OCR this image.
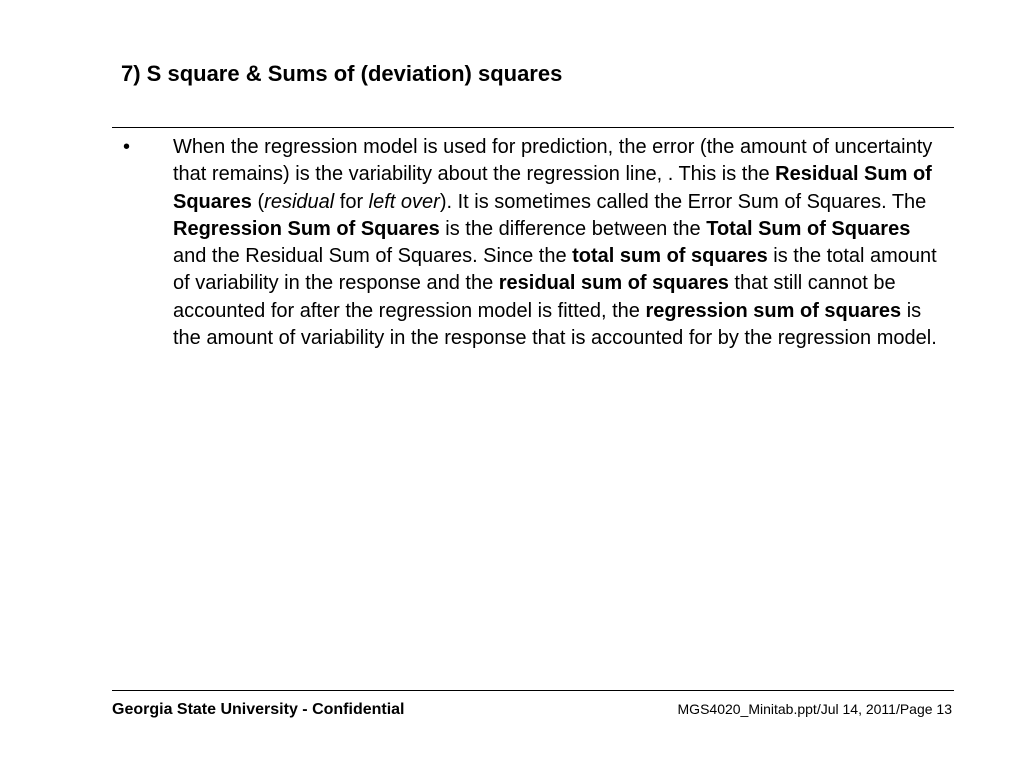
7) S square & Sums of (deviation) squares
• When the regression model is used for prediction, the error (the amount of uncertainty that remains) is the variability about the regression line, . This is the Residual Sum of Squares (residual for left over). It is sometimes called the Error Sum of Squares. The Regression Sum of Squares is the difference between the Total Sum of Squares and the Residual Sum of Squares. Since the total sum of squares is the total amount of variability in the response and the residual sum of squares that still cannot be accounted for after the regression model is fitted, the regression sum of squares is the amount of variability in the response that is accounted for by the regression model.
Georgia State University - Confidential	MGS4020_Minitab.ppt/Jul 14, 2011/Page 13
